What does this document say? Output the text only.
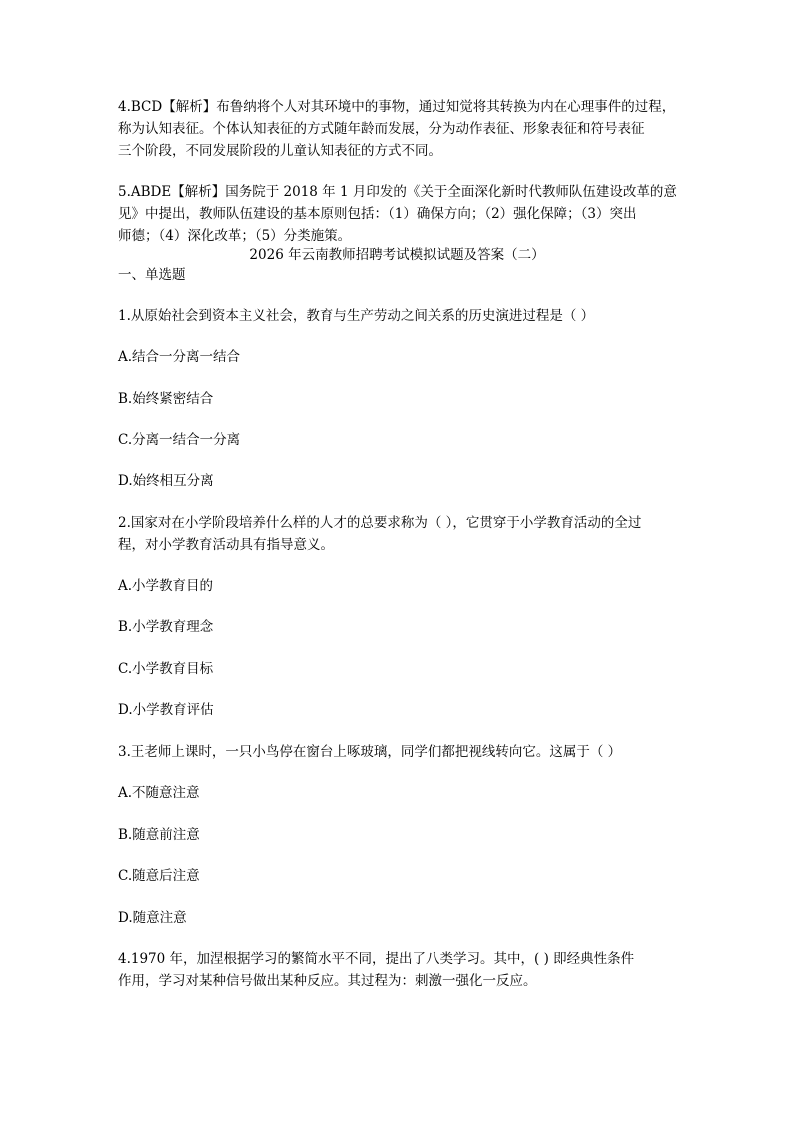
4.BCD【解析】布鲁纳将个人对其环境中的事物，通过知觉将其转换为内在心理事件的过程，
称为认知表征。个体认知表征的方式随年龄而发展，分为动作表征、形象表征和符号表征
三个阶段，不同发展阶段的儿童认知表征的方式不同。
5.ABDE【解析】国务院于 2018 年 1 月印发的《关于全面深化新时代教师队伍建设改革的意
见》中提出，教师队伍建设的基本原则包括：（1）确保方向；（2）强化保障；（3）突出
师德；（4）深化改革；（5）分类施策。
2026 年云南教师招聘考试模拟试题及答案（二）
一、单选题
1.从原始社会到资本主义社会，教育与生产劳动之间关系的历史演进过程是（ ）
A.结合一分离一结合
B.始终紧密结合
C.分离一结合一分离
D.始终相互分离
2.国家对在小学阶段培养什么样的人才的总要求称为（ ），它贯穿于小学教育活动的全过
程，对小学教育活动具有指导意义。
A.小学教育目的
B.小学教育理念
C.小学教育目标
D.小学教育评估
3.王老师上课时，一只小鸟停在窗台上啄玻璃，同学们都把视线转向它。这属于（ ）
A.不随意注意
B.随意前注意
C.随意后注意
D.随意注意
4.1970 年，加涅根据学习的繁简水平不同，提出了八类学习。其中，( ) 即经典性条件
作用，学习对某种信号做出某种反应。其过程为：刺激一强化一反应。
